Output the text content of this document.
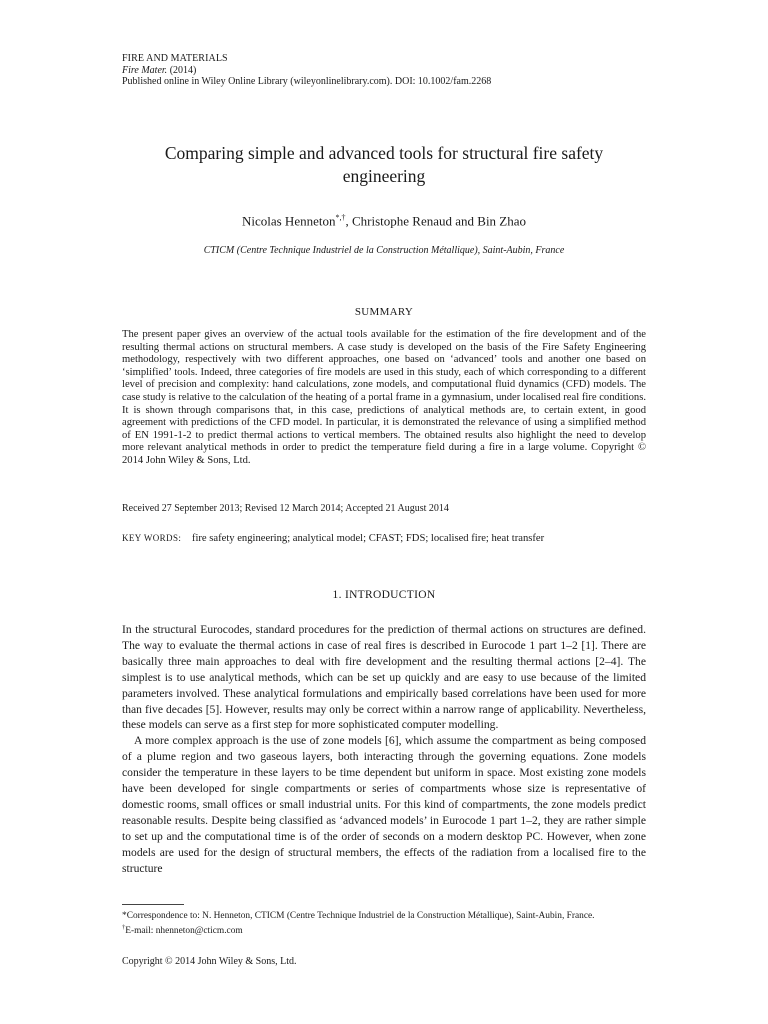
FIRE AND MATERIALS
Fire Mater. (2014)
Published online in Wiley Online Library (wileyonlinelibrary.com). DOI: 10.1002/fam.2268
Comparing simple and advanced tools for structural fire safety engineering
Nicolas Henneton*,†, Christophe Renaud and Bin Zhao
CTICM (Centre Technique Industriel de la Construction Métallique), Saint-Aubin, France
SUMMARY
The present paper gives an overview of the actual tools available for the estimation of the fire development and of the resulting thermal actions on structural members. A case study is developed on the basis of the Fire Safety Engineering methodology, respectively with two different approaches, one based on ‘advanced’ tools and another one based on ‘simplified’ tools. Indeed, three categories of fire models are used in this study, each of which corresponding to a different level of precision and complexity: hand calculations, zone models, and computational fluid dynamics (CFD) models. The case study is relative to the calculation of the heating of a portal frame in a gymnasium, under localised real fire conditions. It is shown through comparisons that, in this case, predictions of analytical methods are, to certain extent, in good agreement with predictions of the CFD model. In particular, it is demonstrated the relevance of using a simplified method of EN 1991-1-2 to predict thermal actions to vertical members. The obtained results also highlight the need to develop more relevant analytical methods in order to predict the temperature field during a fire in a large volume. Copyright © 2014 John Wiley & Sons, Ltd.
Received 27 September 2013; Revised 12 March 2014; Accepted 21 August 2014
KEY WORDS: fire safety engineering; analytical model; CFAST; FDS; localised fire; heat transfer
1. INTRODUCTION

In the structural Eurocodes, standard procedures for the prediction of thermal actions on structures are defined. The way to evaluate the thermal actions in case of real fires is described in Eurocode 1 part 1–2 [1]. There are basically three main approaches to deal with fire development and the resulting thermal actions [2–4]. The simplest is to use analytical methods, which can be set up quickly and are easy to use because of the limited parameters involved. These analytical formulations and empirically based correlations have been used for more than five decades [5]. However, results may only be correct within a narrow range of applicability. Nevertheless, these models can serve as a first step for more sophisticated computer modelling.

A more complex approach is the use of zone models [6], which assume the compartment as being composed of a plume region and two gaseous layers, both interacting through the governing equations. Zone models consider the temperature in these layers to be time dependent but uniform in space. Most existing zone models have been developed for single compartments or series of compartments whose size is representative of domestic rooms, small offices or small industrial units. For this kind of compartments, the zone models predict reasonable results. Despite being classified as ‘advanced models’ in Eurocode 1 part 1–2, they are rather simple to set up and the computational time is of the order of seconds on a modern desktop PC. However, when zone models are used for the design of structural members, the effects of the radiation from a localised fire to the structure

*Correspondence to: N. Henneton, CTICM (Centre Technique Industriel de la Construction Métallique), Saint-Aubin, France.
†E-mail: nhenneton@cticm.com
Copyright © 2014 John Wiley & Sons, Ltd.
